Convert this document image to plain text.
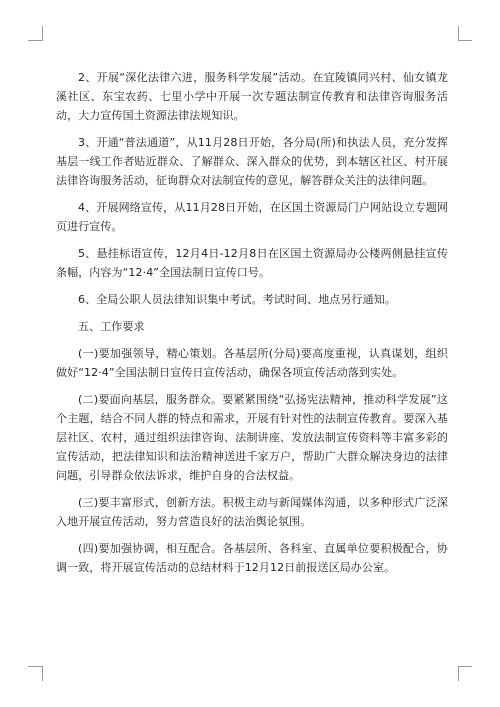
2、开展“深化法律六进，服务科学发展”活动。在宜陵镇同兴村、仙女镇龙溪社区、东宝农药、七里小学中开展一次专题法制宣传教育和法律咨询服务活动，大力宣传国土资源法律法规知识。

3、开通“普法通道”，从11月28日开始，各分局(所)和执法人员，充分发挥基层一线工作者贴近群众、了解群众、深入群众的优势，到本辖区社区、村开展法律咨询服务活动，征询群众对法制宣传的意见，解答群众关注的法律问题。

4、开展网络宣传，从11月28日开始，在区国土资源局门户网站设立专题网页进行宣传。

5、悬挂标语宣传，12月4日-12月8日在区国土资源局办公楼两侧悬挂宣传条幅，内容为“12·4”全国法制日宣传口号。

6、全局公职人员法律知识集中考试。考试时间、地点另行通知。

五、工作要求

(一)要加强领导，精心策划。各基层所(分局)要高度重视，认真谋划，组织做好“12·4”全国法制日宣传日宣传活动，确保各项宣传活动落到实处。

(二)要面向基层，服务群众。要紧紧围绕“弘扬宪法精神，推动科学发展”这个主题，结合不同人群的特点和需求，开展有针对性的法制宣传教育。要深入基层社区、农村，通过组织法律咨询、法制讲座、发放法制宣传资料等丰富多彩的宣传活动，把法律知识和法治精神送进千家万户，帮助广大群众解决身边的法律问题，引导群众依法诉求，维护自身的合法权益。

(三)要丰富形式，创新方法。积极主动与新闻媒体沟通，以多种形式广泛深入地开展宣传活动，努力营造良好的法治舆论氛围。

(四)要加强协调，相互配合。各基层所、各科室、直属单位要积极配合，协调一致，将开展宣传活动的总结材料于12月12日前报送区局办公室。
